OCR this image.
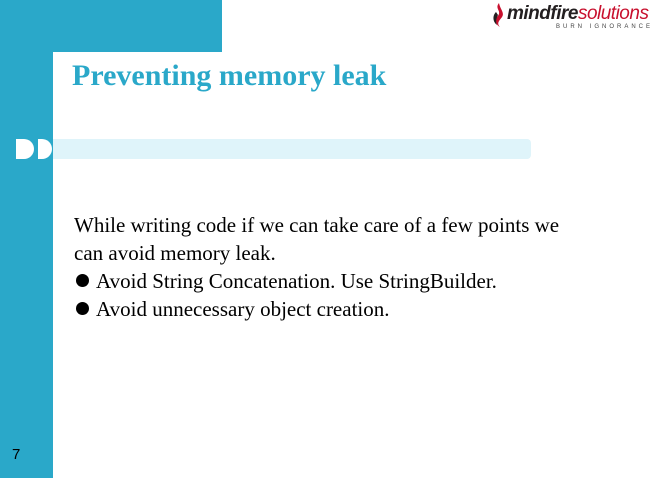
Preventing memory leak

While writing code if we can take care of a few points we can avoid memory leak.

Avoid String Concatenation. Use StringBuilder.

Avoid unnecessary object creation.

7
mindfiresolutions
BURN IGNORANCE
